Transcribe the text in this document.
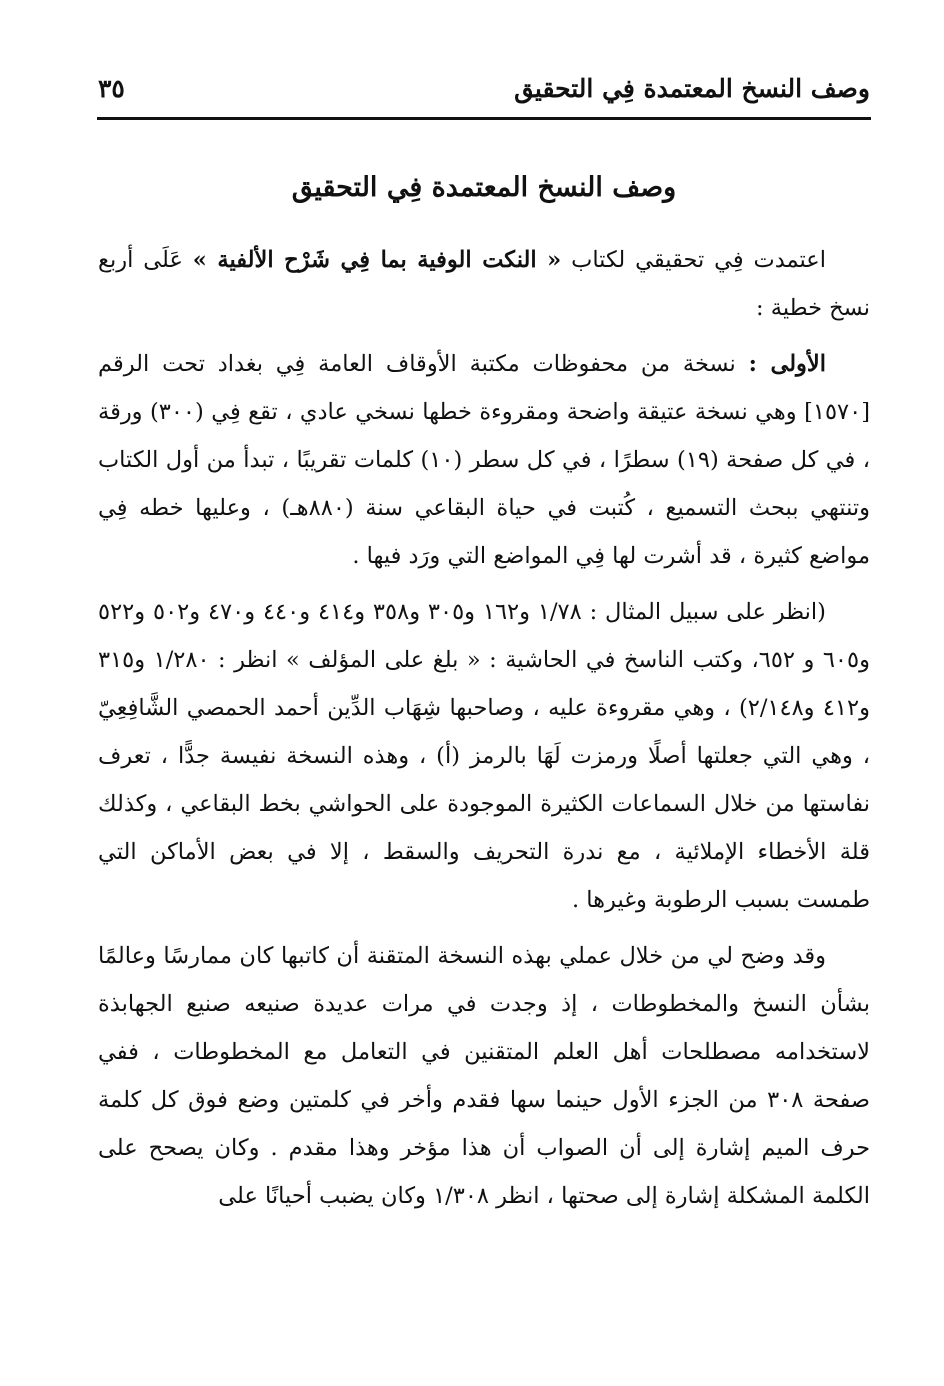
وصف النسخ المعتمدة فِي التحقيق
٣٥
وصف النسخ المعتمدة فِي التحقيق

اعتمدت فِي تحقيقي لكتاب « النكت الوفية بما فِي شَرْح الألفية » عَلَى أربع نسخ خطية :

الأولى : نسخة من محفوظات مكتبة الأوقاف العامة فِي بغداد تحت الرقم [١٥٧٠] وهي نسخة عتيقة واضحة ومقروءة خطها نسخي عادي ، تقع فِي (٣٠٠) ورقة ، في كل صفحة (١٩) سطرًا ، في كل سطر (١٠) كلمات تقريبًا ، تبدأ من أول الكتاب وتنتهي ببحث التسميع ، كُتبت في حياة البقاعي سنة (٨٨٠هـ) ، وعليها خطه فِي مواضع كثيرة ، قد أشرت لها فِي المواضع التي ورَد فيها .

(انظر على سبيل المثال : ١/٧٨ و١٦٢ و٣٠٥ و٣٥٨ و٤١٤ و٤٤٠ و٤٧٠ و٥٠٢ و٥٢٢ و٦٠٥ و ٦٥٢، وكتب الناسخ في الحاشية : « بلغ على المؤلف » انظر : ١/٢٨٠ و٣١٥ و٤١٢ و٢/١٤٨) ، وهي مقروءة عليه ، وصاحبها شِهَاب الدِّين أحمد الحمصي الشَّافِعِيّ ، وهي التي جعلتها أصلًا ورمزت لَهَا بالرمز (أ) ، وهذه النسخة نفيسة جدًّا ، تعرف نفاستها من خلال السماعات الكثيرة الموجودة على الحواشي بخط البقاعي ، وكذلك قلة الأخطاء الإملائية ، مع ندرة التحريف والسقط ، إلا في بعض الأماكن التي طمست بسبب الرطوبة وغيرها .

وقد وضح لي من خلال عملي بهذه النسخة المتقنة أن كاتبها كان ممارسًا وعالمًا بشأن النسخ والمخطوطات ، إذ وجدت في مرات عديدة صنيعه صنيع الجهابذة لاستخدامه مصطلحات أهل العلم المتقنين في التعامل مع المخطوطات ، ففي صفحة ٣٠٨ من الجزء الأول حينما سها فقدم وأخر في كلمتين وضع فوق كل كلمة حرف الميم إشارة إلى أن الصواب أن هذا مؤخر وهذا مقدم . وكان يصحح على الكلمة المشكلة إشارة إلى صحتها ، انظر ١/٣٠٨ وكان يضبب أحيانًا على
